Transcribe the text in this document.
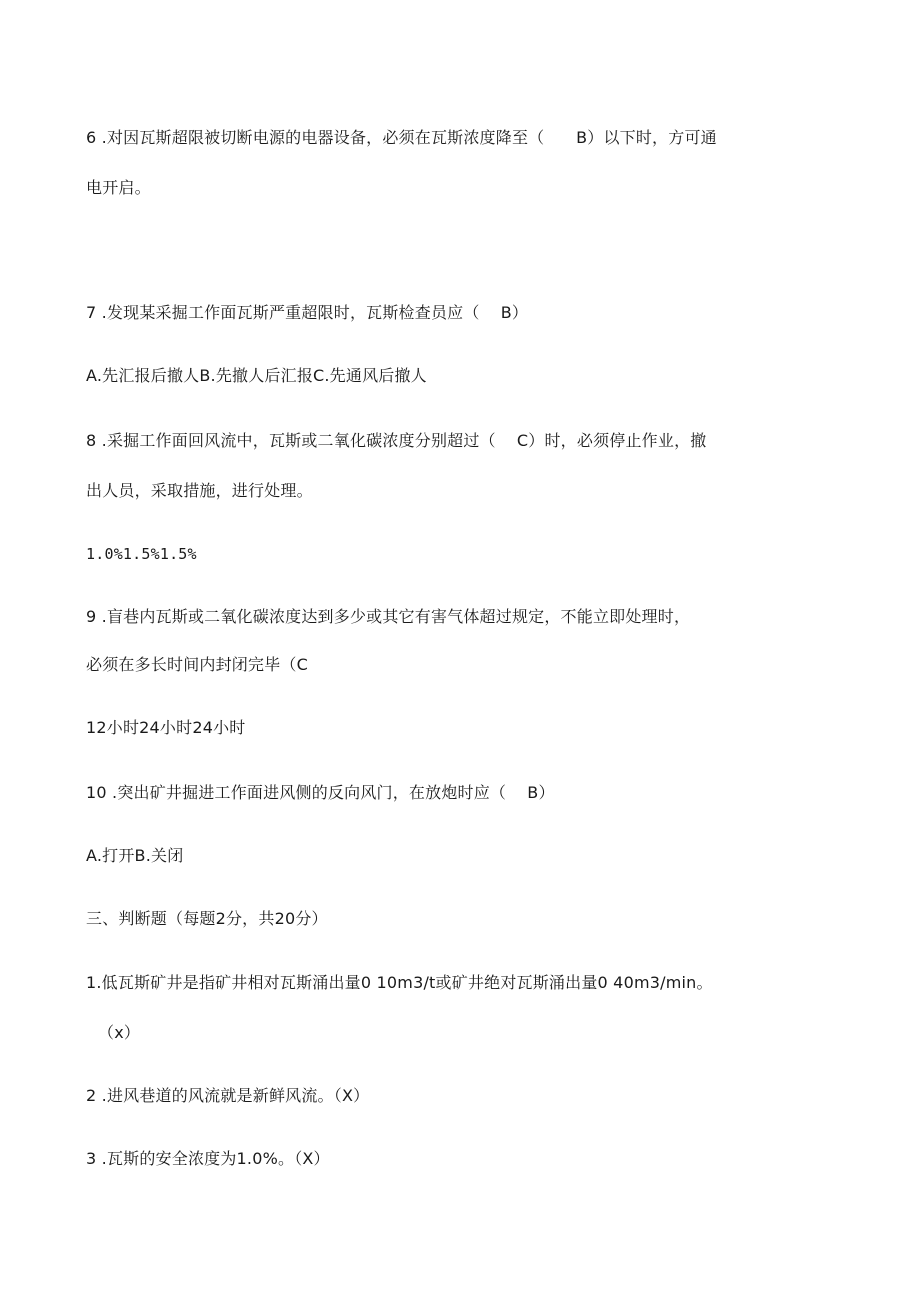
6 .对因瓦斯超限被切断电源的电器设备，必须在瓦斯浓度降至（      B）以下时，方可通
电开启。
7 .发现某采掘工作面瓦斯严重超限时，瓦斯检查员应（    B）
A.先汇报后撤人B.先撤人后汇报C.先通风后撤人
8 .采掘工作面回风流中，瓦斯或二氧化碳浓度分别超过（    C）时，必须停止作业，撤
出人员，采取措施，进行处理。
1.0%1.5%1.5%
9 .盲巷内瓦斯或二氧化碳浓度达到多少或其它有害气体超过规定，不能立即处理时，
必须在多长时间内封闭完毕（C
12小时24小时24小时
10 .突出矿井掘进工作面进风侧的反向风门，在放炮时应（    B）
A.打开B.关闭
三、判断题（每题2分，共20分）
1.低瓦斯矿井是指矿井相对瓦斯涌出量0 10m3/t或矿井绝对瓦斯涌出量0 40m3/min。
（x）
2 .进风巷道的风流就是新鲜风流。（X）
3 .瓦斯的安全浓度为1.0%。（X）
